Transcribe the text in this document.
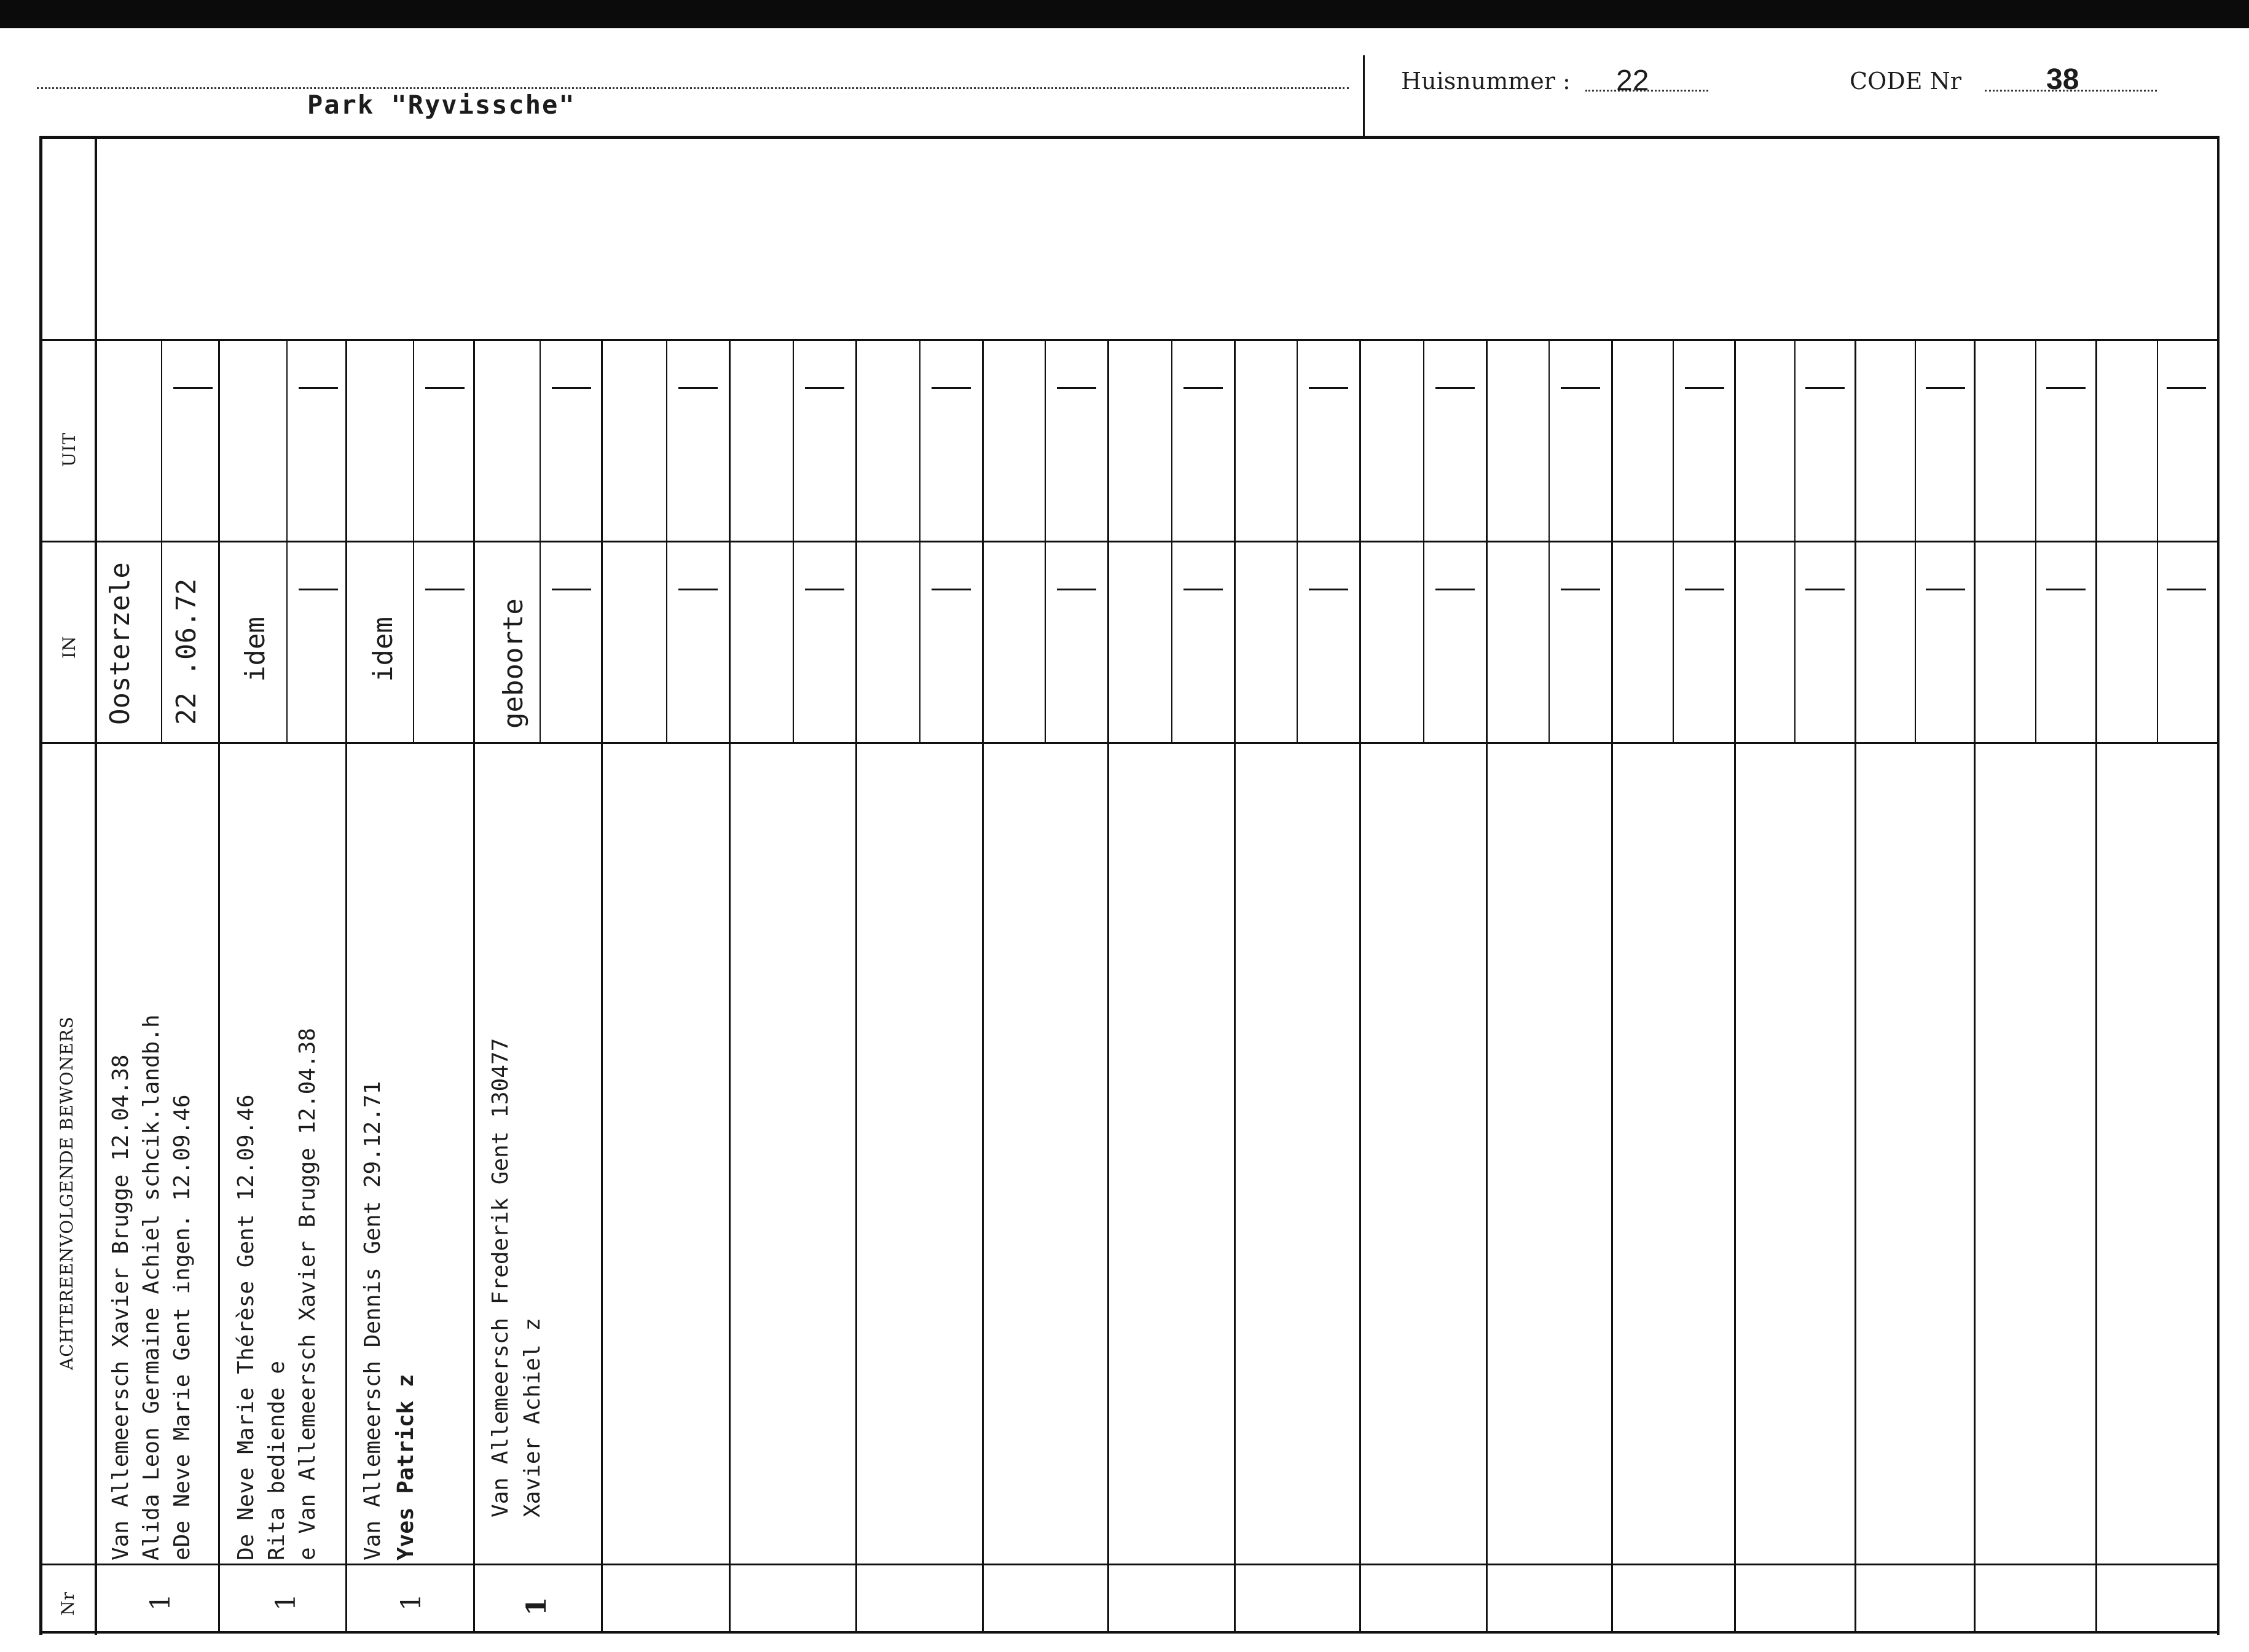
Park "Ryvissche"
Huisnummer : 22	CODE Nr	38
UIT
IN
ACHTEREENVOLGENDE BEWONERS
Nr
Oosterzele 22 .06.72
Van Allemeersch Xavier Brugge 12.04.38 Alida Leon Germaine Achiel schcik.landb.h eDe Neve Marie Gent ingen. 12.09.46
1
idem
De Neve Marie Thérèse Gent 12.09.46 Rita bediende e e Van Allemeersch Xavier Brugge 12.04.38
1
idem
Van Allemeersch Dennis Gent 29.12.71 Yves Patrick z
1
geboorte
Van Allemeersch Frederik Gent 130477 Xavier Achiel z
1
